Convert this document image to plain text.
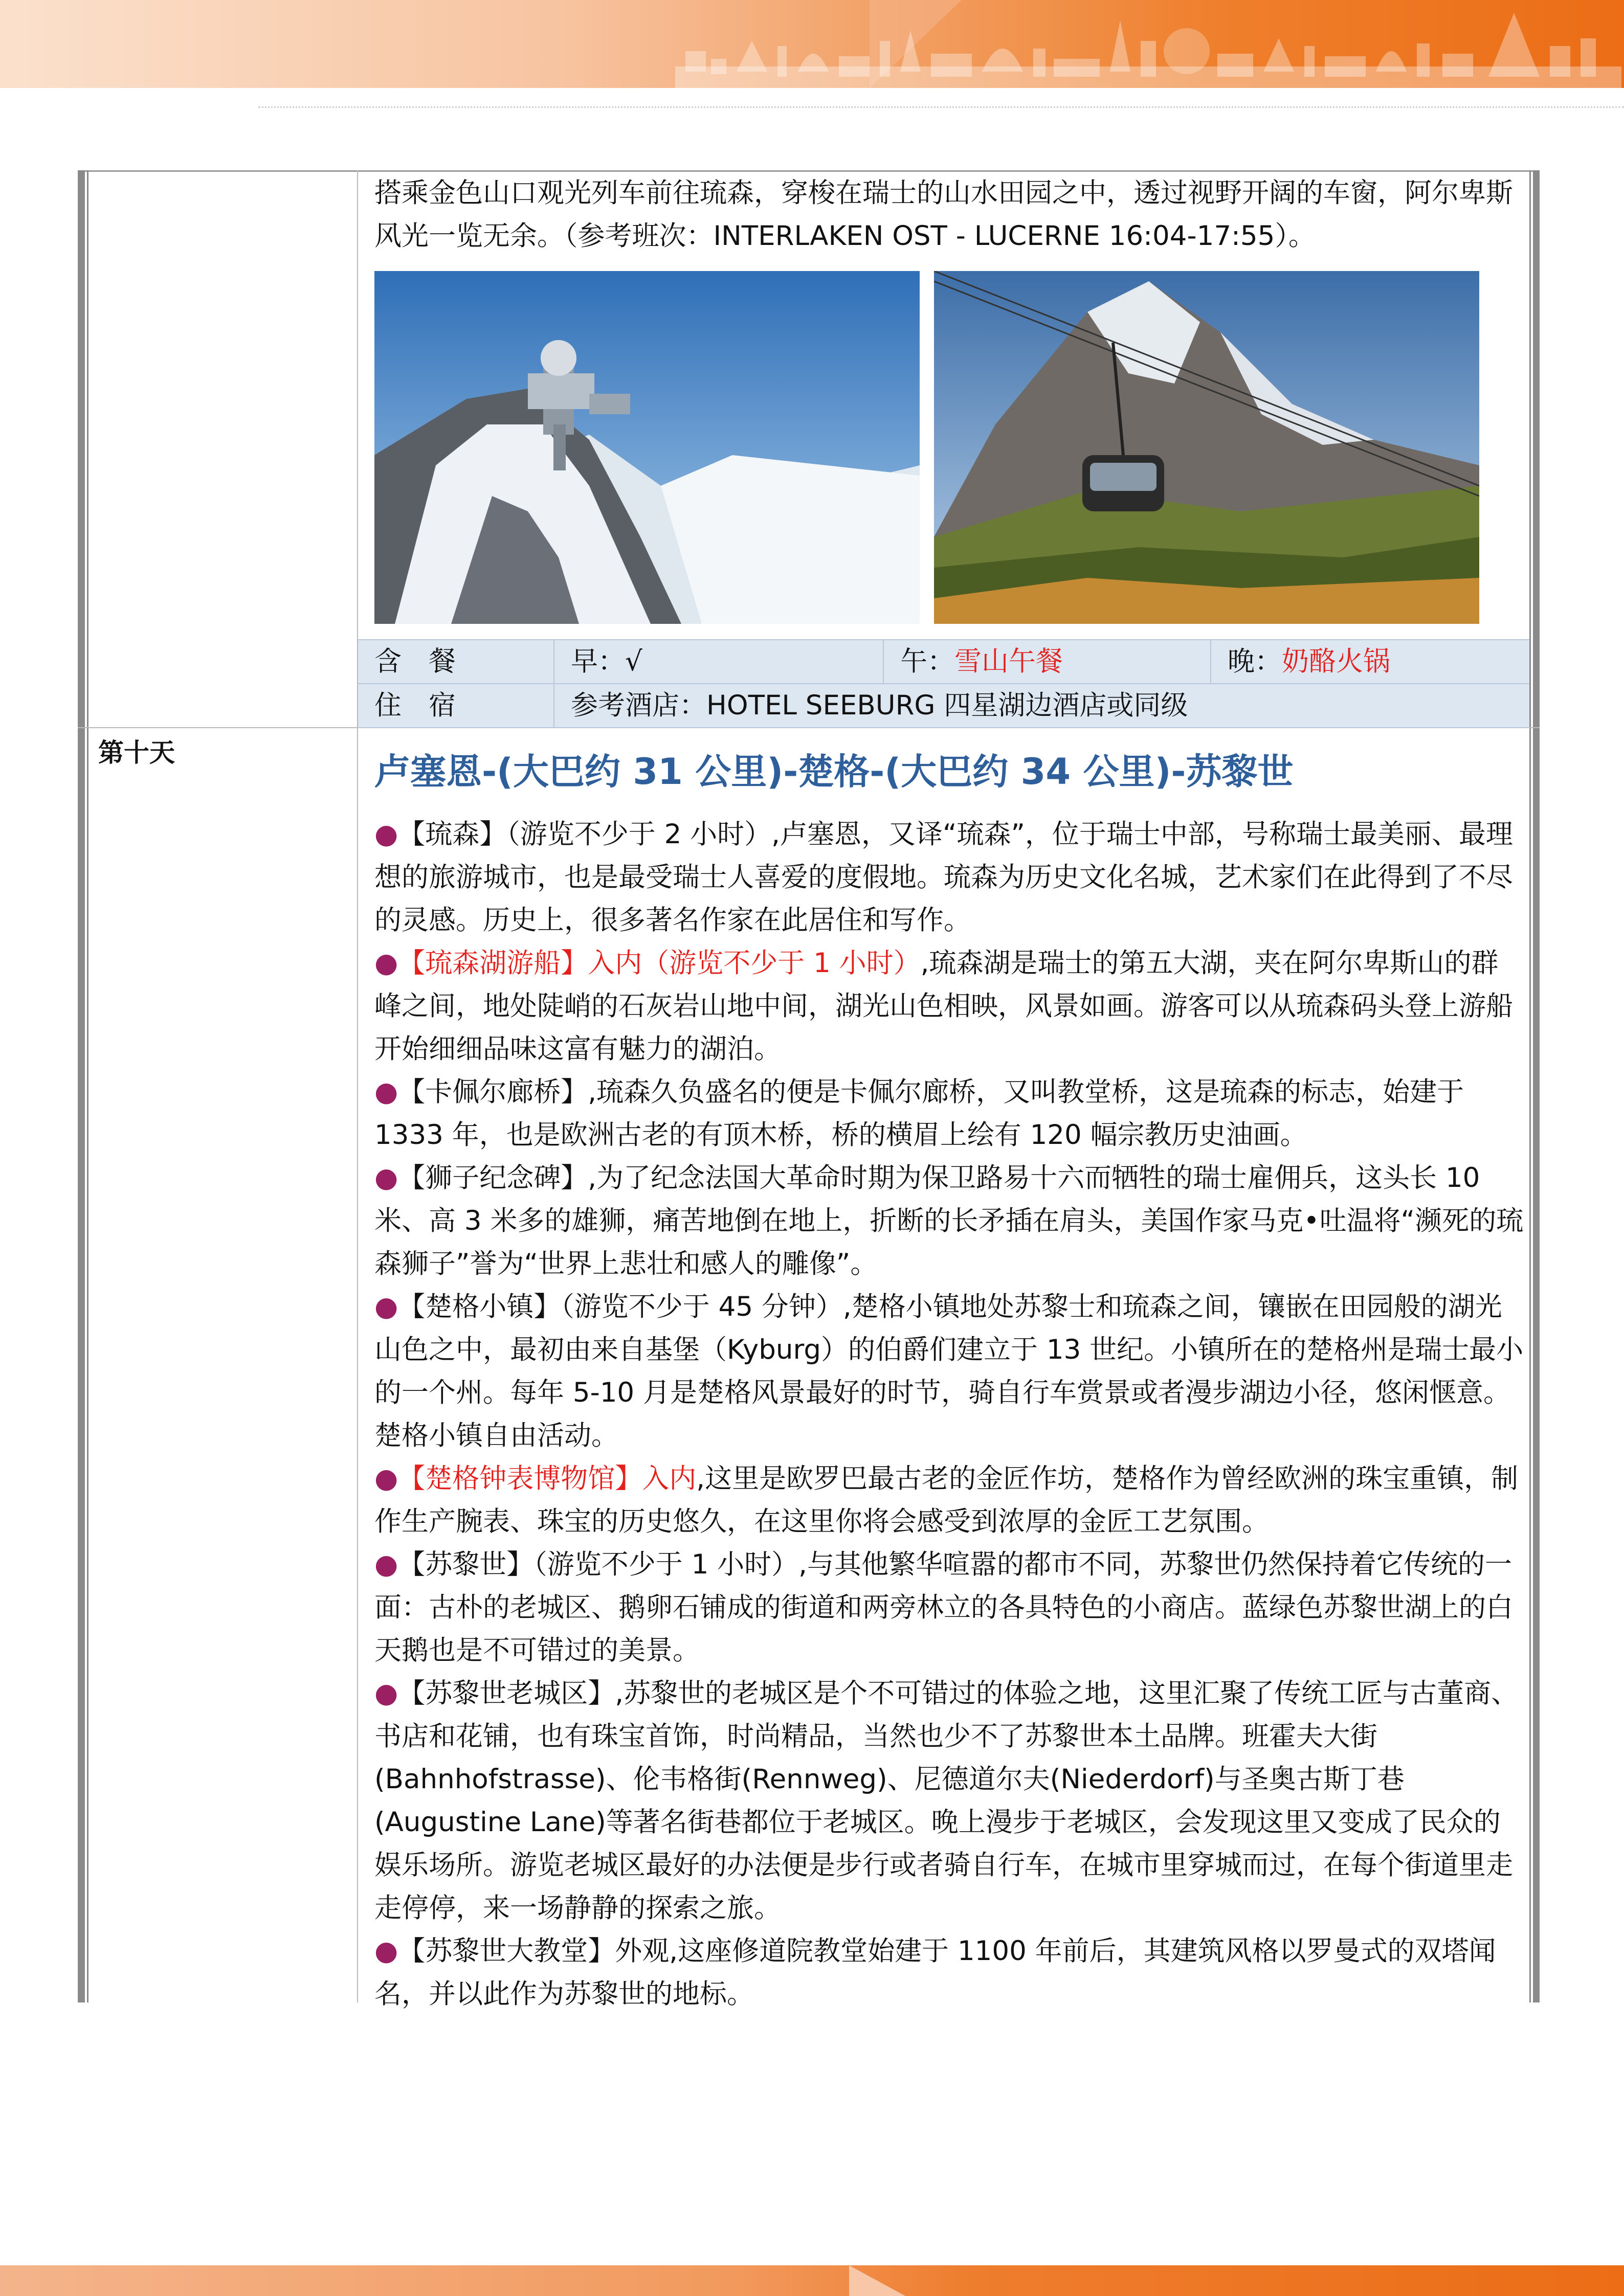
搭乘金色山口观光列车前往琉森，穿梭在瑞士的山水田园之中，透过视野开阔的车窗，阿尔卑斯风光一览无余。（参考班次：INTERLAKEN OST - LUCERNE 16:04-17:55）。
含　餐	早：√	午：雪山午餐	晚：奶酪火锅
住　宿	参考酒店：HOTEL SEEBURG 四星湖边酒店或同级
第十天	卢塞恩-(大巴约 31 公里)-楚格-(大巴约 34 公里)-苏黎世

●【琉森】（游览不少于 2 小时）,卢塞恩，又译“琉森”，位于瑞士中部，号称瑞士最美丽、最理想的旅游城市，也是最受瑞士人喜爱的度假地。琉森为历史文化名城，艺术家们在此得到了不尽的灵感。历史上，很多著名作家在此居住和写作。

●【琉森湖游船】入内（游览不少于 1 小时）,琉森湖是瑞士的第五大湖，夹在阿尔卑斯山的群峰之间，地处陡峭的石灰岩山地中间，湖光山色相映，风景如画。游客可以从琉森码头登上游船开始细细品味这富有魅力的湖泊。

●【卡佩尔廊桥】,琉森久负盛名的便是卡佩尔廊桥，又叫教堂桥，这是琉森的标志，始建于 1333 年，也是欧洲古老的有顶木桥，桥的横眉上绘有 120 幅宗教历史油画。

●【狮子纪念碑】,为了纪念法国大革命时期为保卫路易十六而牺牲的瑞士雇佣兵，这头长 10 米、高 3 米多的雄狮，痛苦地倒在地上，折断的长矛插在肩头，美国作家马克•吐温将“濒死的琉森狮子”誉为“世界上悲壮和感人的雕像”。

●【楚格小镇】（游览不少于 45 分钟）,楚格小镇地处苏黎士和琉森之间，镶嵌在田园般的湖光山色之中，最初由来自基堡（Kyburg）的伯爵们建立于 13 世纪。小镇所在的楚格州是瑞士最小的一个州。每年 5-10 月是楚格风景最好的时节，骑自行车赏景或者漫步湖边小径，悠闲惬意。楚格小镇自由活动。

●【楚格钟表博物馆】入内,这里是欧罗巴最古老的金匠作坊，楚格作为曾经欧洲的珠宝重镇，制作生产腕表、珠宝的历史悠久，在这里你将会感受到浓厚的金匠工艺氛围。

●【苏黎世】（游览不少于 1 小时）,与其他繁华喧嚣的都市不同，苏黎世仍然保持着它传统的一面：古朴的老城区、鹅卵石铺成的街道和两旁林立的各具特色的小商店。蓝绿色苏黎世湖上的白天鹅也是不可错过的美景。

●【苏黎世老城区】,苏黎世的老城区是个不可错过的体验之地，这里汇聚了传统工匠与古董商、书店和花铺，也有珠宝首饰，时尚精品，当然也少不了苏黎世本土品牌。班霍夫大街(Bahnhofstrasse)、伦韦格街(Rennweg)、尼德道尔夫(Niederdorf)与圣奥古斯丁巷(Augustine Lane)等著名街巷都位于老城区。晚上漫步于老城区，会发现这里又变成了民众的娱乐场所。游览老城区最好的办法便是步行或者骑自行车，在城市里穿城而过，在每个街道里走走停停，来一场静静的探索之旅。

●【苏黎世大教堂】外观,这座修道院教堂始建于 1100 年前后，其建筑风格以罗曼式的双塔闻名，并以此作为苏黎世的地标。
